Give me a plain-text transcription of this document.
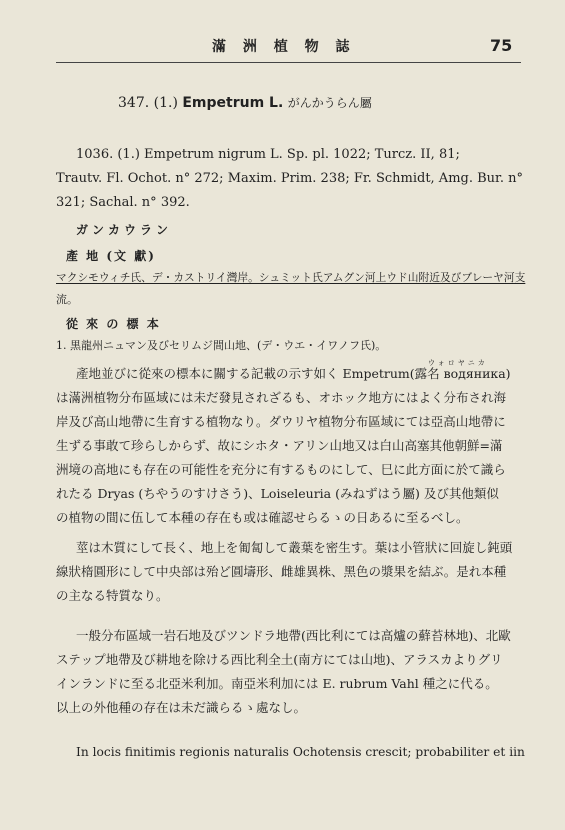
滿 洲 植 物 誌	75
347. (1.) Empetrum L. がんかうらん屬
1036. (1.) Empetrum nigrum L. Sp. pl. 1022; Turcz. II, 81;
Trautv. Fl. Ochot. n° 272; Maxim. Prim. 238; Fr. Schmidt, Amg. Bur. n°
321; Sachal. n° 392.
ガンカウラン
產 地 (文 獻)
マクシモウィチ氏、デ・カストリイ灣岸。シュミット氏アムグン河上ウド山附近及びブレーヤ河支
流。
從 來 の 標 本
1. 黒龍州ニュマン及びセリムジ間山地、(デ・ウエ・イワノフ氏)。
ウォロヤニカ
產地並びに從來の標本に關する記載の示す如く Empetrum(露名 водяника)
は滿洲植物分布區域には未だ發見されざるも、オホック地方にはよく分布され海
岸及び高山地帶に生育する植物なり。ダウリヤ植物分布區域にては亞高山地帶に
生ずる事敢て珍らしからず、故にシホタ・アリン山地又は白山高塞其他朝鮮=滿
洲境の高地にも存在の可能性を充分に有するものにして、巳に此方面に於て識ら
れたる Dryas (ちやうのすけさう)、Loiseleuria (みねずはう屬) 及び其他類似
の植物の間に伍して本種の存在も或は確認せらるゝの日あるに至るべし。
莖は木質にして長く、地上を匍匐して叢葉を密生す。葉は小管狀に回旋し鈍頭
線狀楕圓形にして中央部は殆ど圓壔形、雌雄異株、黑色の漿果を結ぶ。是れ本種
の主なる特質なり。
一般分布區域一岩石地及びツンドラ地帶(西比利にては高爐の蘚苔林地)、北歐
ステップ地帶及び耕地を除ける西比利全土(南方にては山地)、アラスカよりグリ
インランドに至る北亞米利加。南亞米利加には E. rubrum Vahl 種之に代る。
以上の外他種の存在は未だ識らるゝ處なし。
In locis finitimis regionis naturalis Ochotensis crescit; probabiliter et iin
